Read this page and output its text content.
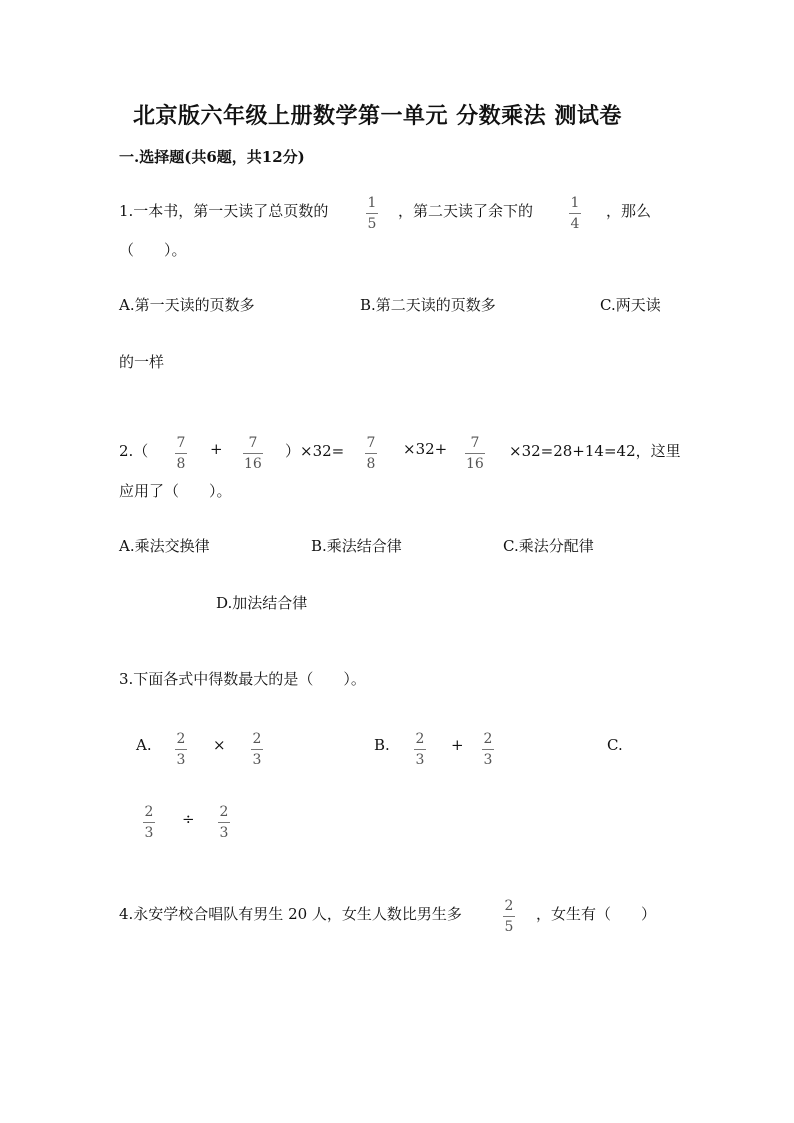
北京版六年级上册数学第一单元 分数乘法 测试卷
一.选择题(共6题，共12分)
1.一本书，第一天读了总页数的	1
5
，第二天读了余下的	1
4
，那么
（　　）。
A.第一天读的页数多	B.第二天读的页数多	C.两天读
的一样
2.（ 7
8
+ 7
16
）×32= 7
8
×32+ 7
16
×32=28+14=42，这里
应用了（　　）。
A.乘法交换律	B.乘法结合律	C.乘法分配律
D.加法结合律
3.下面各式中得数最大的是（　　）。
A. 2
3
× 2
3
B. 2
3
+ 2
3
C.
2
3
÷ 2
3
4.永安学校合唱队有男生 20 人，女生人数比男生多	2
5
，女生有（　　）
